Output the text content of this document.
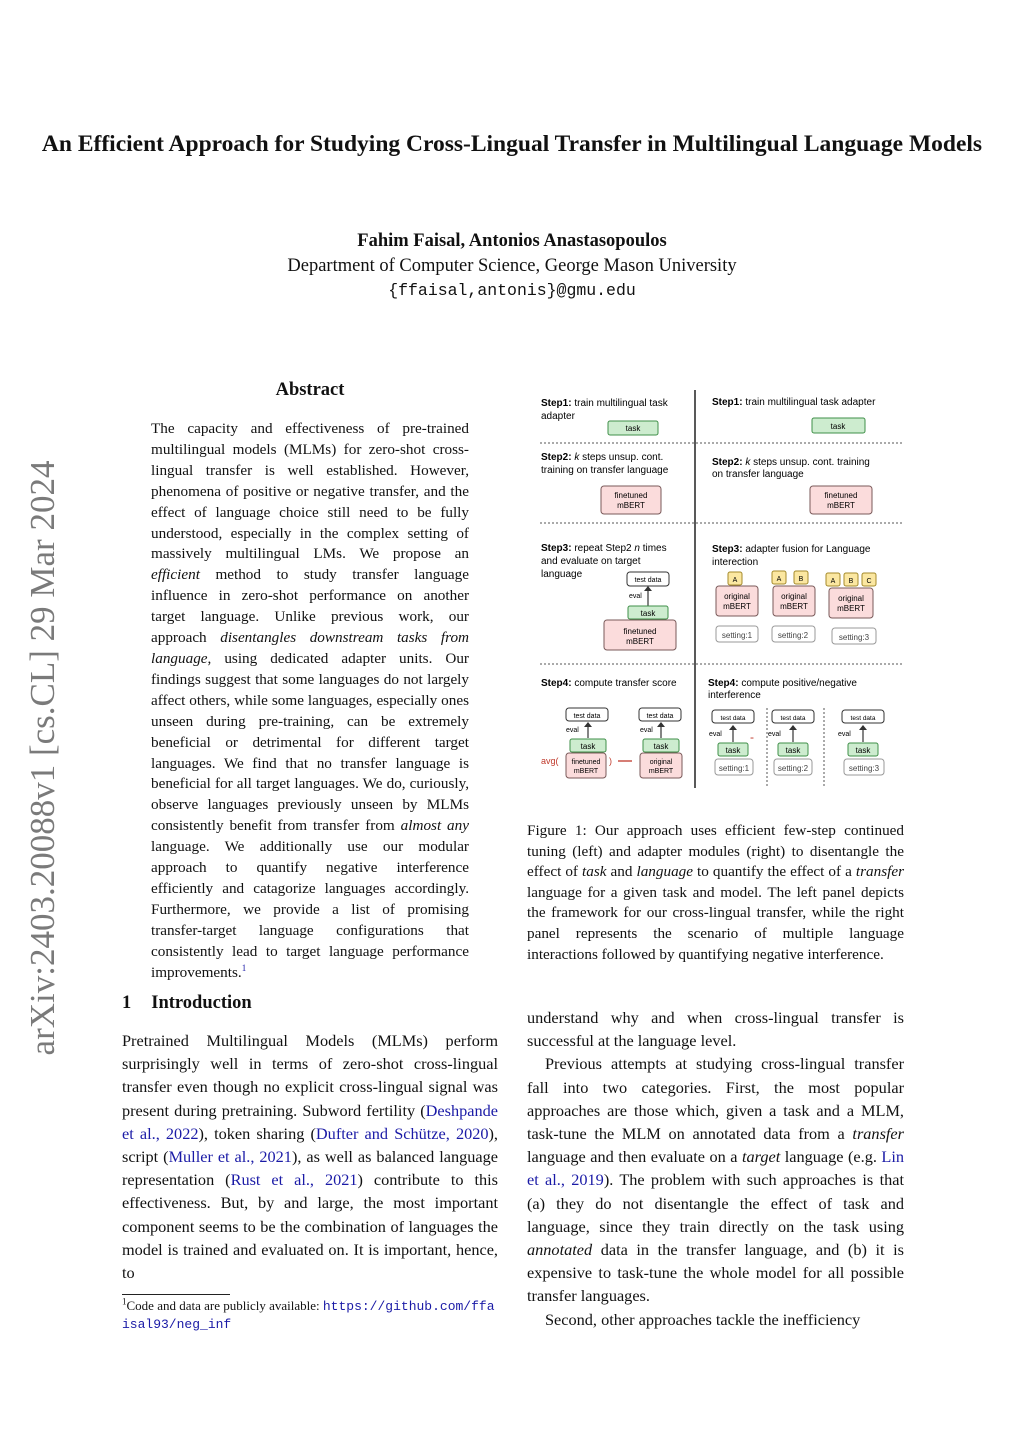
An Efficient Approach for Studying Cross-Lingual Transfer in Multilingual Language Models
Fahim Faisal, Antonios Anastasopoulos
Department of Computer Science, George Mason University
{ffaisal,antonis}@gmu.edu
arXiv:2403.20088v1 [cs.CL] 29 Mar 2024
Abstract
The capacity and effectiveness of pre-trained multilingual models (MLMs) for zero-shot cross-lingual transfer is well established. However, phenomena of positive or negative transfer, and the effect of language choice still need to be fully understood, especially in the complex setting of massively multilingual LMs. We propose an efficient method to study transfer language influence in zero-shot performance on another target language. Unlike previous work, our approach disentangles downstream tasks from language, using dedicated adapter units. Our findings suggest that some languages do not largely affect others, while some languages, especially ones unseen during pre-training, can be extremely beneficial or detrimental for different target languages. We find that no transfer language is beneficial for all target languages. We do, curiously, observe languages previously unseen by MLMs consistently benefit from transfer from almost any language. We additionally use our modular approach to quantify negative interference efficiently and catagorize languages accordingly. Furthermore, we provide a list of promising transfer-target language configurations that consistently lead to target language performance improvements.$^1$
1 Introduction
Pretrained Multilingual Models (MLMs) perform surprisingly well in terms of zero-shot cross-lingual transfer even though no explicit cross-lingual signal was present during pretraining. Subword fertility (Deshpande et al., 2022), token sharing (Dufter and Schütze, 2020), script (Muller et al., 2021), as well as balanced language representation (Rust et al., 2021) contribute to this effectiveness. But, by and large, the most important component seems to be the combination of languages the model is trained and evaluated on. It is important, hence, to
$^1$Code and data are publicly available: https://github.com/ffaisal93/neg_inf
Step1: train multilingual task
adapter
task
Step1: train multilingual task adapter
task
Step2: k steps unsup. cont.
training on transfer language
finetuned
mBERT
Step2: k steps unsup. cont. training
on transfer language
finetuned
mBERT
Step3: repeat Step2 n times
and evaluate on target
language
test data
eval
task
finetuned
mBERT
Step3: adapter fusion for Language
interection
A
original
mBERT
setting:1
A B
original
mBERT
setting:2
A B C
original
mBERT
setting:3
Step4: compute transfer score
test data
eval
task
avg( finetuned
mBERT
)
test data
eval
task
original
mBERT
Step4: compute positive/negative
interference
-
test data
eval
task
setting:1
test data
eval
task
setting:2
test data
eval
task
setting:3
Figure 1: Our approach uses efficient few-step continued tuning (left) and adapter modules (right) to disentangle the effect of task and language to quantify the effect of a transfer language for a given task and model. The left panel depicts the framework for our cross-lingual transfer, while the right panel represents the scenario of multiple language interactions followed by quantifying negative interference.

understand why and when cross-lingual transfer is successful at the language level.

Previous attempts at studying cross-lingual transfer fall into two categories. First, the most popular approaches are those which, given a task and a MLM, task-tune the MLM on annotated data from a transfer language and then evaluate on a target language (e.g. Lin et al., 2019). The problem with such approaches is that (a) they do not disentangle the effect of task and language, since they train directly on the task using annotated data in the transfer language, and (b) it is expensive to task-tune the whole model for all possible transfer languages.

Second, other approaches tackle the inefficiency
